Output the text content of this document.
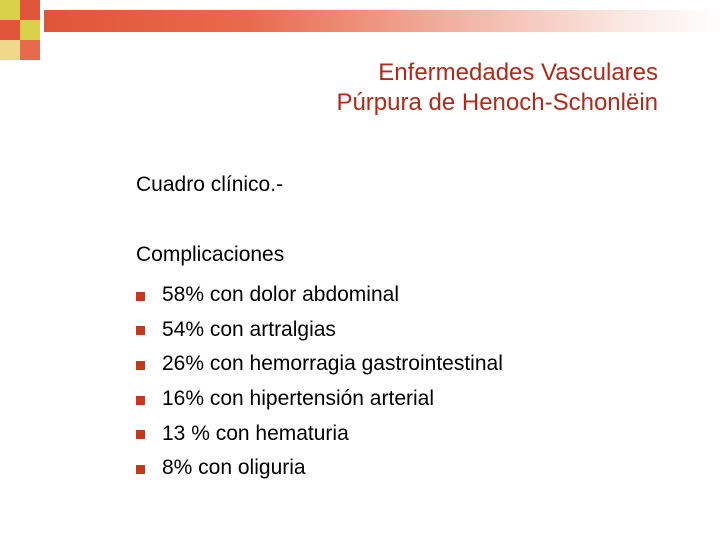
Enfermedades Vasculares
Púrpura de Henoch-Schonlëin
Cuadro clínico.-
Complicaciones
58% con dolor abdominal
54% con artralgias
26% con hemorragia gastrointestinal
16% con hipertensión arterial
13 % con hematuria
8% con oliguria
